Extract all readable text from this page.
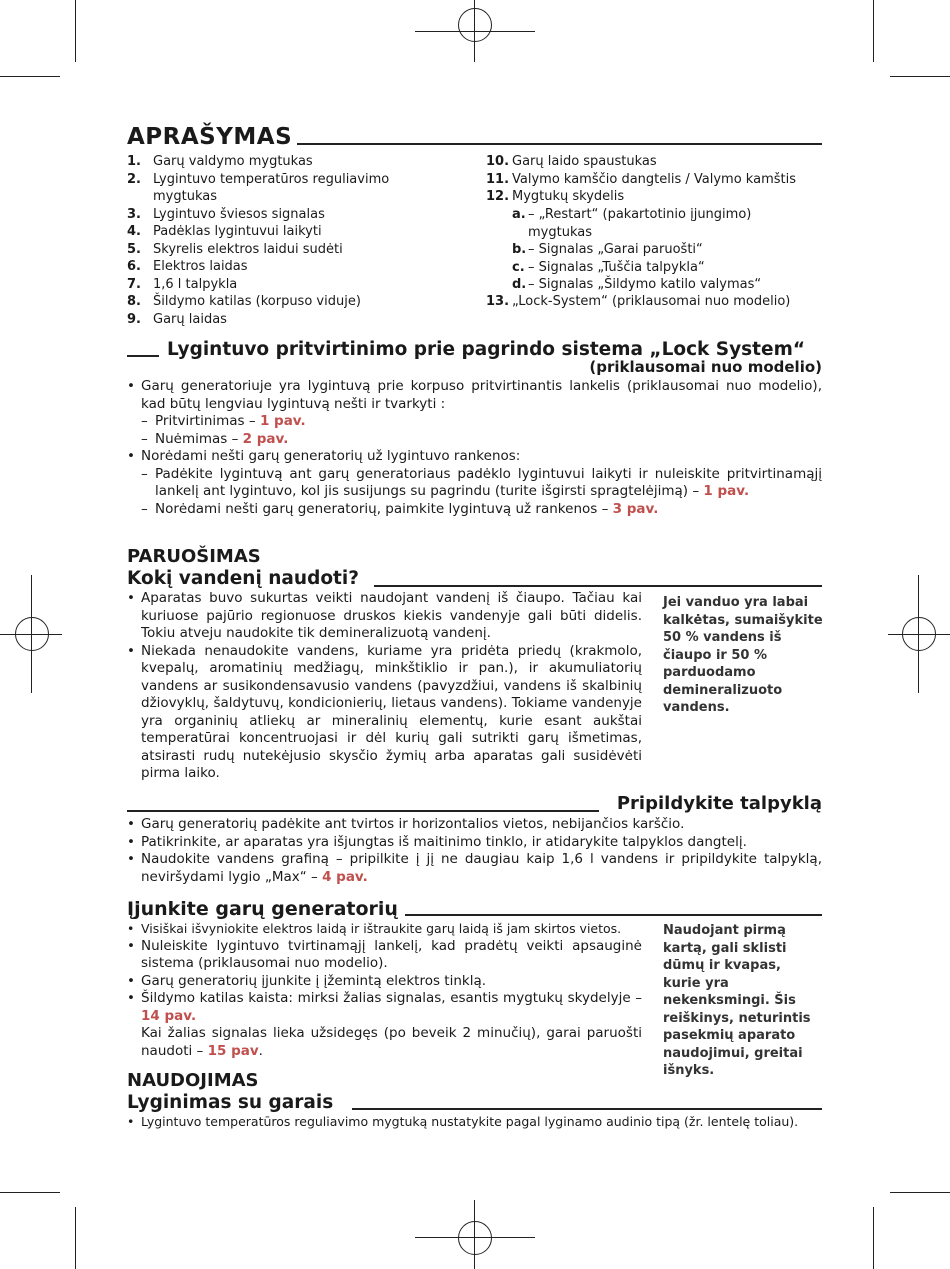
APRAŠYMAS
1. Garų valdymo mygtukas
2. Lygintuvo temperatūros reguliavimo mygtukas
3. Lygintuvo šviesos signalas
4. Padėklas lygintuvui laikyti
5. Skyrelis elektros laidui sudėti
6. Elektros laidas
7. 1,6 l talpykla
8. Šildymo katilas (korpuso viduje)
9. Garų laidas
10. Garų laido spaustukas
11. Valymo kamščio dangtelis / Valymo kamštis
12. Mygtukų skydelis
a. – „Restart“ (pakartotinio įjungimo) mygtukas
b. – Signalas „Garai paruošti“
c. – Signalas „Tuščia talpykla“
d. – Signalas „Šildymo katilo valymas“
13. „Lock-System“ (priklausomai nuo modelio)
Lygintuvo pritvirtinimo prie pagrindo sistema „Lock System“
(priklausomai nuo modelio)

• Garų generatoriuje yra lygintuvą prie korpuso pritvirtinantis lankelis (priklausomai nuo modelio), kad būtų lengviau lygintuvą nešti ir tvarkyti :

– Pritvirtinimas – 1 pav.

– Nuėmimas – 2 pav.

• Norėdami nešti garų generatorių už lygintuvo rankenos:

– Padėkite lygintuvą ant garų generatoriaus padėklo lygintuvui laikyti ir nuleiskite pritvirtinamąjį lankelį ant lygintuvo, kol jis susijungs su pagrindu (turite išgirsti spragtelėjimą) – 1 pav.

– Norėdami nešti garų generatorių, paimkite lygintuvą už rankenos – 3 pav.

PARUOŠIMAS
Kokį vandenį naudoti?

• Aparatas buvo sukurtas veikti naudojant vandenį iš čiaupo. Tačiau kai kuriuose pajūrio regionuose druskos kiekis vandenyje gali būti didelis. Tokiu atveju naudokite tik demineralizuotą vandenį.

• Niekada nenaudokite vandens, kuriame yra pridėta priedų (krakmolo, kvepalų, aromatinių medžiagų, minkštiklio ir pan.), ir akumuliatorių vandens ar susikondensavusio vandens (pavyzdžiui, vandens iš skalbinių džiovyklų, šaldytuvų, kondicionierių, lietaus vandens). Tokiame vandenyje yra organinių atliekų ar mineralinių elementų, kurie esant aukštai temperatūrai koncentruojasi ir dėl kurių gali sutrikti garų išmetimas, atsirasti rudų nutekėjusio skysčio žymių arba aparatas gali susidėvėti pirma laiko.

Jei vanduo yra labai kalkėtas, sumaišykite 50 % vandens iš čiaupo ir 50 % parduodamo demineralizuoto vandens.
Pripildykite talpyklą

• Garų generatorių padėkite ant tvirtos ir horizontalios vietos, nebijančios karščio.

• Patikrinkite, ar aparatas yra išjungtas iš maitinimo tinklo, ir atidarykite talpyklos dangtelį.

• Naudokite vandens grafiną – pripilkite į jį ne daugiau kaip 1,6 l vandens ir pripildykite talpyklą, neviršydami lygio „Max“ – 4 pav.

Įjunkite garų generatorių

• Visiškai išvyniokite elektros laidą ir ištraukite garų laidą iš jam skirtos vietos.

• Nuleiskite lygintuvo tvirtinamąjį lankelį, kad pradėtų veikti apsauginė sistema (priklausomai nuo modelio).

• Garų generatorių įjunkite į įžemintą elektros tinklą.

• Šildymo katilas kaista: mirksi žalias signalas, esantis mygtukų skydelyje – 14 pav.

Kai žalias signalas lieka užsidegęs (po beveik 2 minučių), garai paruošti naudoti – 15 pav.

Naudojant pirmą kartą, gali sklisti dūmų ir kvapas, kurie yra nekenksmingi. Šis reiškinys, neturintis pasekmių aparato naudojimui, greitai išnyks.
NAUDOJIMAS
Lyginimas su garais

• Lygintuvo temperatūros reguliavimo mygtuką nustatykite pagal lyginamo audinio tipą (žr. lentelę toliau).
